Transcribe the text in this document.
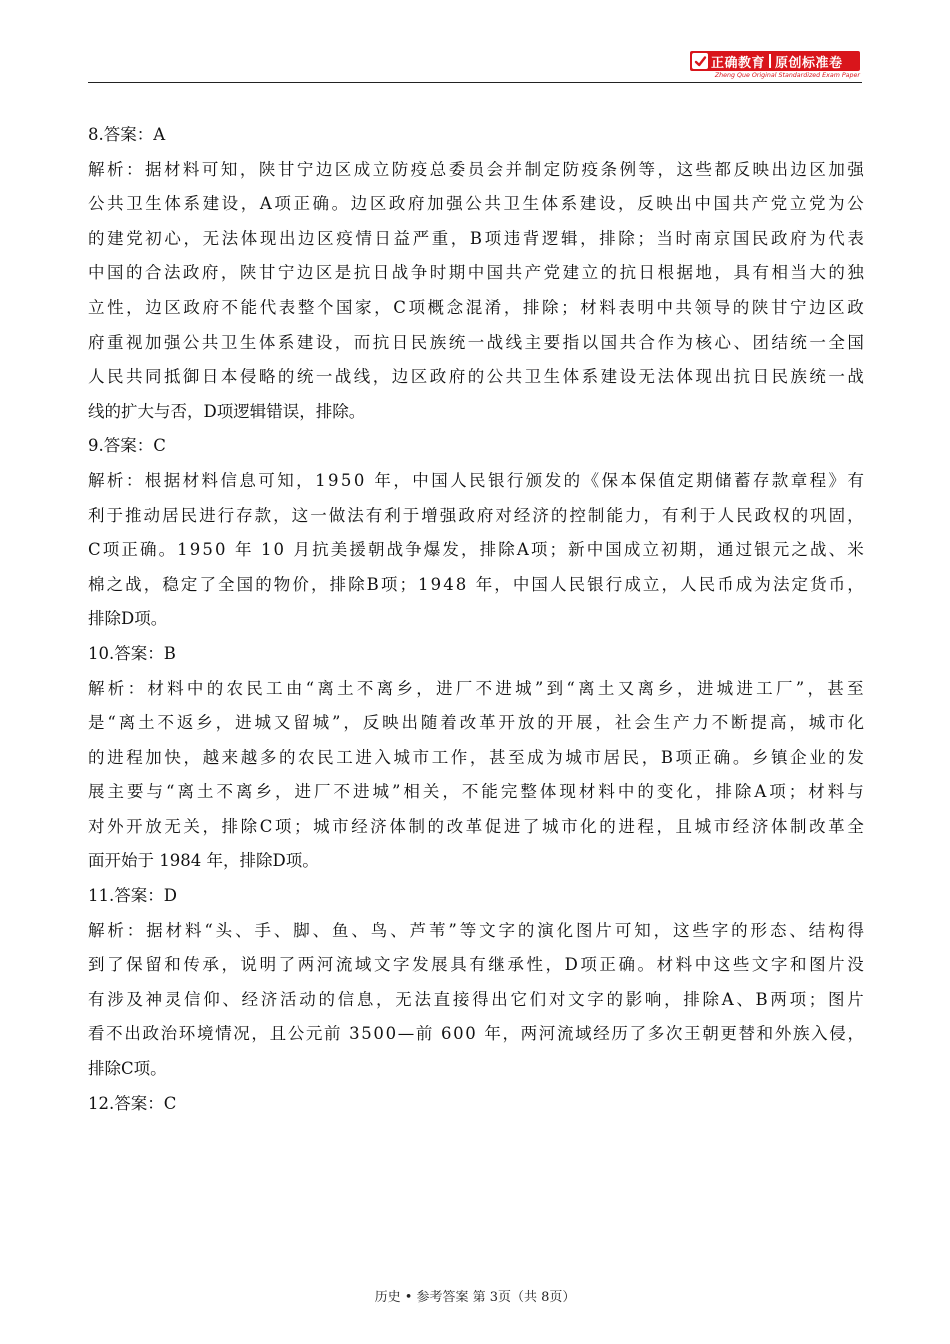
正确教育 原创标准卷
Zheng Que Original Standardized Exam Paper
8.答案：A
解 析 ： 据 材 料 可 知 ， 陕 甘 宁 边 区 成 立 防 疫 总 委 员 会 并 制 定 防 疫 条 例 等 ， 这 些 都 反 映 出 边 区 加 强
公 共 卫 生 体 系 建 设 ， A 项 正 确 。 边 区 政 府 加 强 公 共 卫 生 体 系 建 设 ， 反 映 出 中 国 共 产 党 立 党 为 公
的 建 党 初 心 ， 无 法 体 现 出 边 区 疫 情 日 益 严 重 ， B 项 违 背 逻 辑 ， 排 除 ； 当 时 南 京 国 民 政 府 为 代 表
中 国 的 合 法 政 府 ， 陕 甘 宁 边 区 是 抗 日 战 争 时 期 中 国 共 产 党 建 立 的 抗 日 根 据 地 ， 具 有 相 当 大 的 独
立 性 ， 边 区 政 府 不 能 代 表 整 个 国 家 ， C 项 概 念 混 淆 ， 排 除 ； 材 料 表 明 中 共 领 导 的 陕 甘 宁 边 区 政
府 重 视 加 强 公 共 卫 生 体 系 建 设 ， 而 抗 日 民 族 统 一 战 线 主 要 指 以 国 共 合 作 为 核 心 、 团 结 统 一 全 国
人 民 共 同 抵 御 日 本 侵 略 的 统 一 战 线 ， 边 区 政 府 的 公 共 卫 生 体 系 建 设 无 法 体 现 出 抗 日 民 族 统 一 战
线的扩大与否，D项逻辑错误，排除。
9.答案：C
解 析 ： 根 据 材 料 信 息 可 知 ， 1 9 5 0
年 ， 中 国 人 民 银 行 颁 发 的 《 保 本 保 值 定 期 储 蓄 存 款 章 程 》 有
利 于 推 动 居 民 进 行 存 款 ， 这 一 做 法 有 利 于 增 强 政 府 对 经 济 的 控 制 能 力 ， 有 利 于 人 民 政 权 的 巩 固 ，
C 项 正 确 。 1 9 5 0
年
1 0
月 抗 美 援 朝 战 争 爆 发 ， 排 除 A 项 ； 新 中 国 成 立 初 期 ， 通 过 银 元 之 战 、 米
棉 之 战 ， 稳 定 了 全 国 的 物 价 ， 排 除 B 项 ； 1 9 4 8
年 ， 中 国 人 民 银 行 成 立 ， 人 民 币 成 为 法 定 货 币 ，
排除D项。
10.答案：B
解 析 ： 材 料 中 的 农 民 工 由 “ 离 土 不 离 乡 ， 进 厂 不 进 城 ” 到 “ 离 土 又 离 乡 ， 进 城 进 工 厂 ” ， 甚 至
是 “ 离 土 不 返 乡 ， 进 城 又 留 城 ” ， 反 映 出 随 着 改 革 开 放 的 开 展 ， 社 会 生 产 力 不 断 提 高 ， 城 市 化
的 进 程 加 快 ， 越 来 越 多 的 农 民 工 进 入 城 市 工 作 ， 甚 至 成 为 城 市 居 民 ， B 项 正 确 。 乡 镇 企 业 的 发
展 主 要 与 “ 离 土 不 离 乡 ， 进 厂 不 进 城 ” 相 关 ， 不 能 完 整 体 现 材 料 中 的 变 化 ， 排 除 A 项 ； 材 料 与
对 外 开 放 无 关 ， 排 除 C 项 ； 城 市 经 济 体 制 的 改 革 促 进 了 城 市 化 的 进 程 ， 且 城 市 经 济 体 制 改 革 全
面开始于 1984 年，排除D项。
11.答案：D
解 析 ： 据 材 料 “ 头 、 手 、 脚 、 鱼 、 鸟 、 芦 苇 ” 等 文 字 的 演 化 图 片 可 知 ， 这 些 字 的 形 态 、 结 构 得
到 了 保 留 和 传 承 ， 说 明 了 两 河 流 域 文 字 发 展 具 有 继 承 性 ， D 项 正 确 。 材 料 中 这 些 文 字 和 图 片 没
有 涉 及 神 灵 信 仰 、 经 济 活 动 的 信 息 ， 无 法 直 接 得 出 它 们 对 文 字 的 影 响 ， 排 除 A 、 B 两 项 ； 图 片
看 不 出 政 治 环 境 情 况 ， 且 公 元 前
3 5 0 0 — 前
6 0 0
年 ， 两 河 流 域 经 历 了 多 次 王 朝 更 替 和 外 族 入 侵 ，
排除C项。
12.答案：C
历史 • 参考答案 第 3页（共 8页）
